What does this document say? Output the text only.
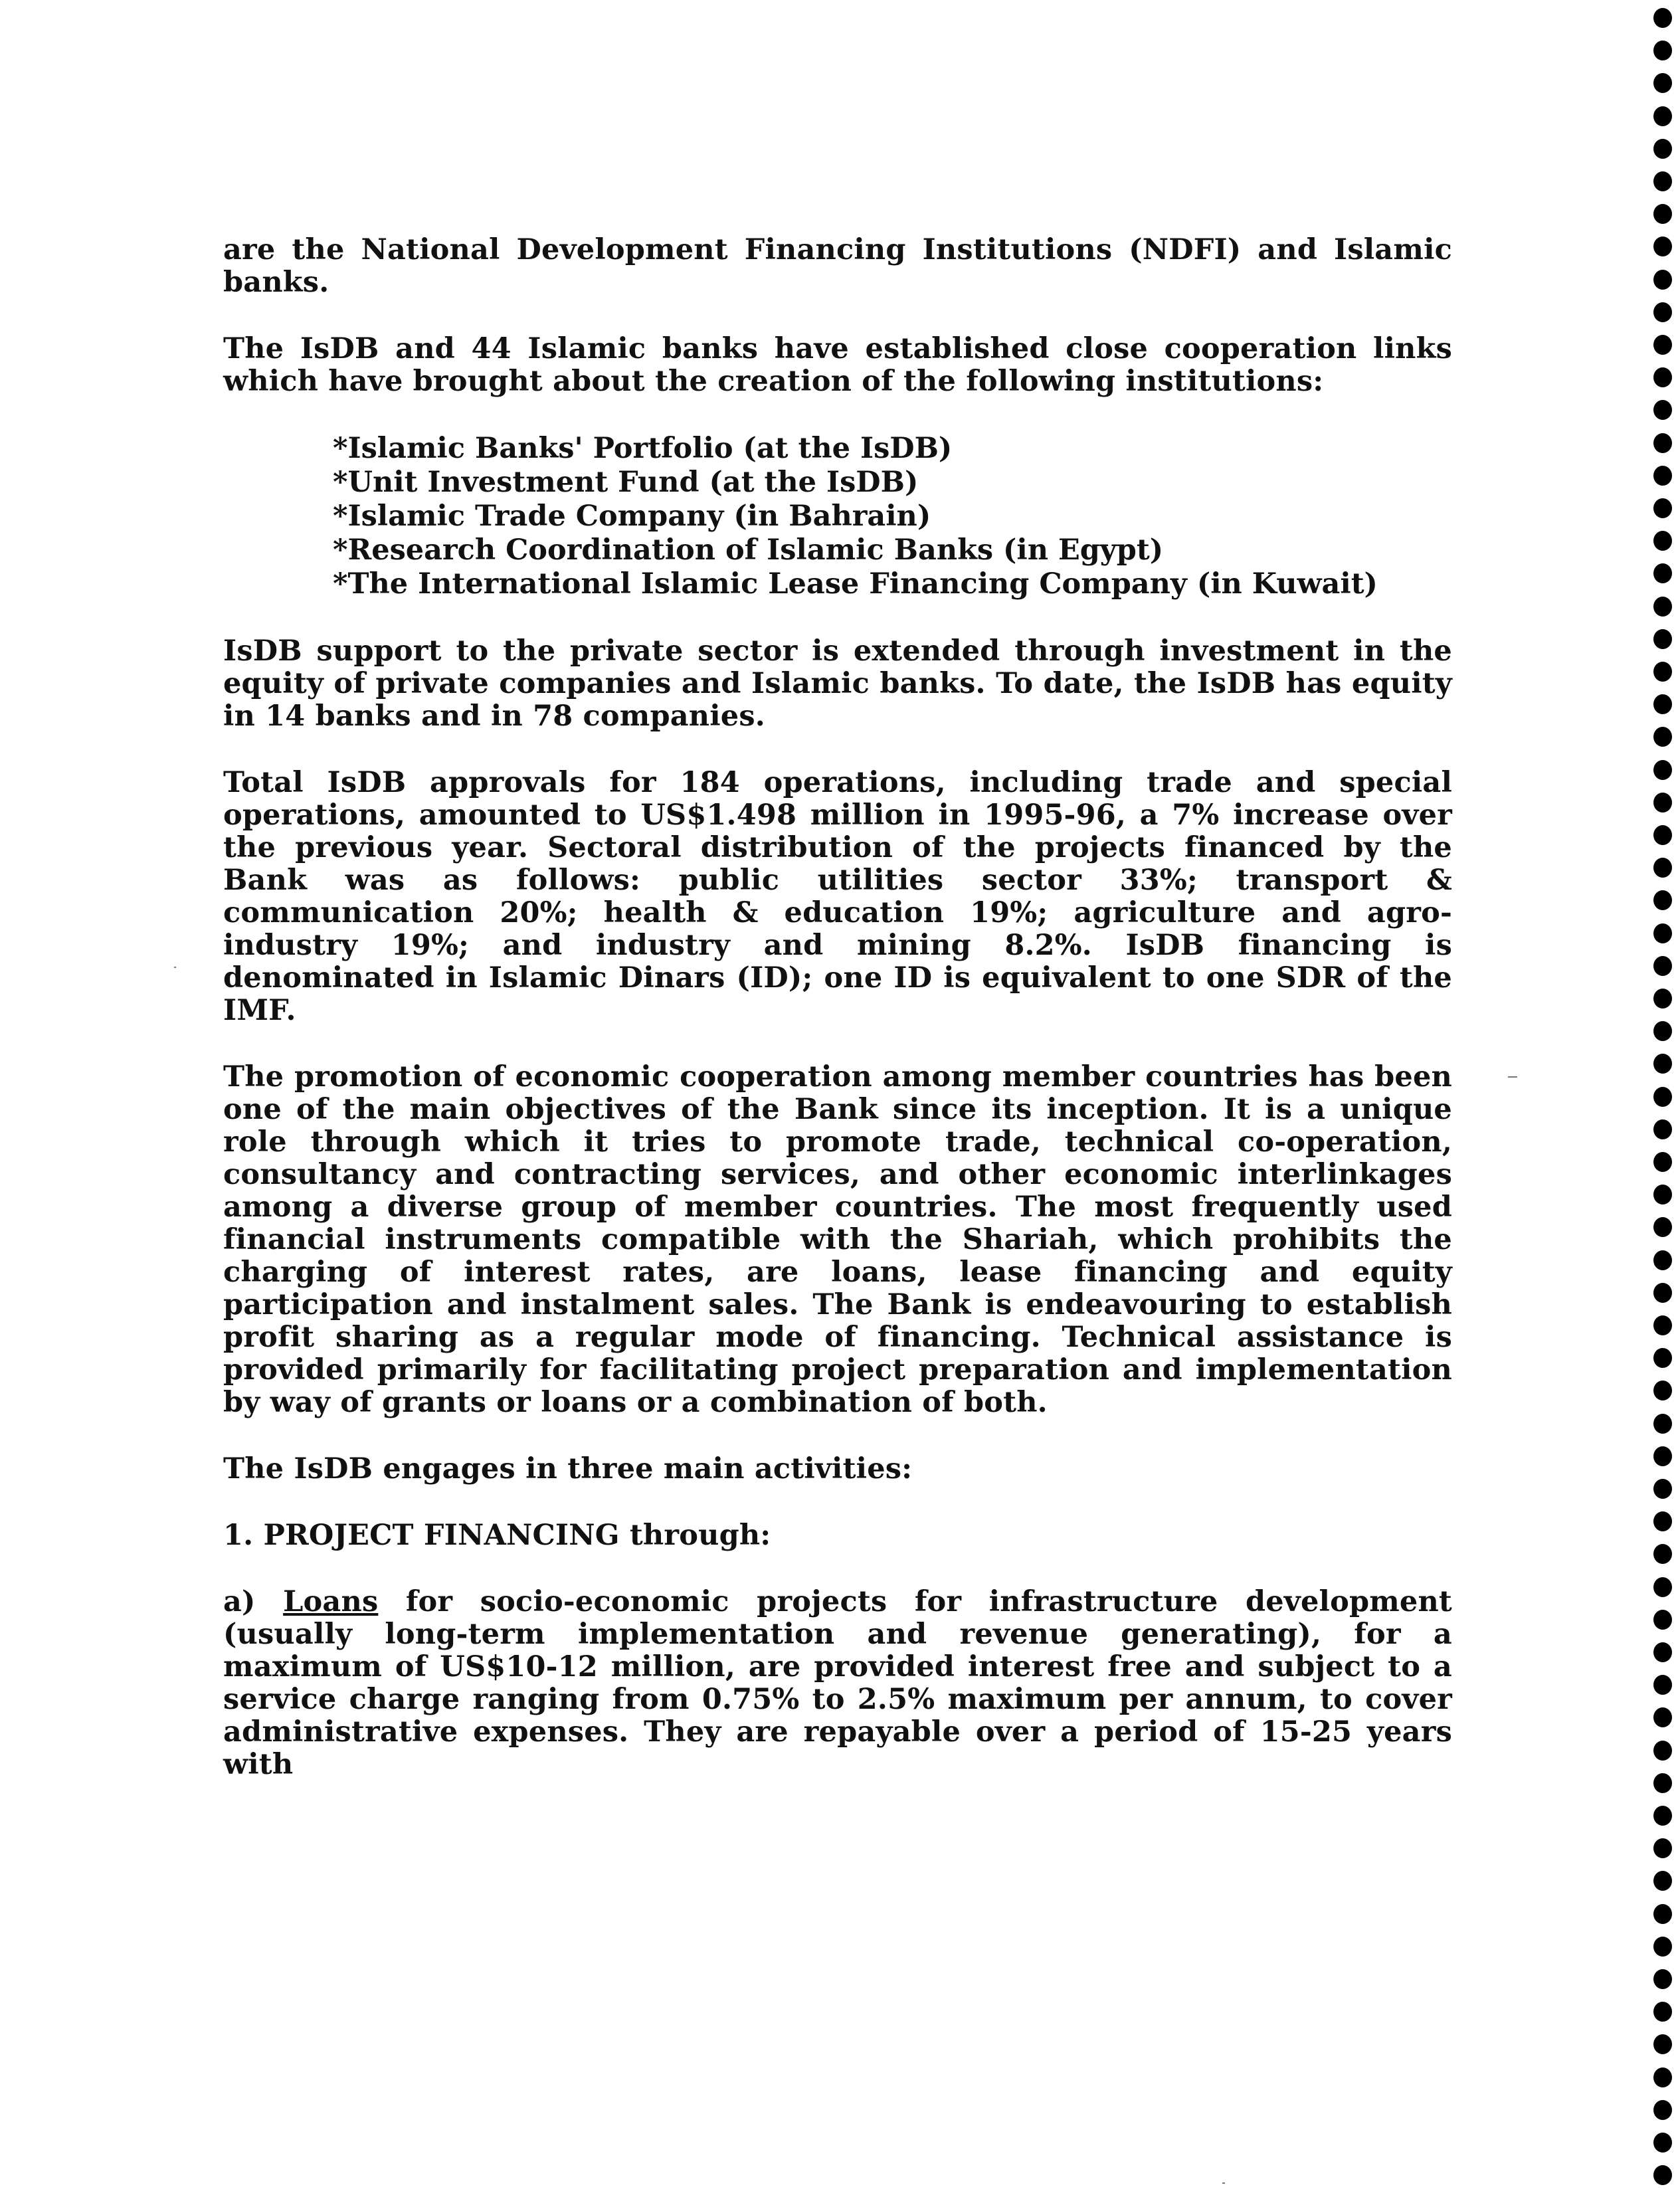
are the National Development Financing Institutions (NDFI) and Islamic banks.

The IsDB and 44 Islamic banks have established close cooperation links which have brought about the creation of the following institutions:

*Islamic Banks' Portfolio (at the IsDB)
*Unit Investment Fund (at the IsDB)
*Islamic Trade Company (in Bahrain)
*Research Coordination of Islamic Banks (in Egypt)
*The International Islamic Lease Financing Company (in Kuwait)

IsDB support to the private sector is extended through investment in the equity of private companies and Islamic banks. To date, the IsDB has equity in 14 banks and in 78 companies.

Total IsDB approvals for 184 operations, including trade and special operations, amounted to US$1.498 million in 1995-96, a 7% increase over the previous year. Sectoral distribution of the projects financed by the Bank was as follows: public utilities sector 33%; transport & communication 20%; health & education 19%; agriculture and agro-industry 19%; and industry and mining 8.2%. IsDB financing is denominated in Islamic Dinars (ID); one ID is equivalent to one SDR of the IMF.

The promotion of economic cooperation among member countries has been one of the main objectives of the Bank since its inception. It is a unique role through which it tries to promote trade, technical co-operation, consultancy and contracting services, and other economic interlinkages among a diverse group of member countries. The most frequently used financial instruments compatible with the Shariah, which prohibits the charging of interest rates, are loans, lease financing and equity participation and instalment sales. The Bank is endeavouring to establish profit sharing as a regular mode of financing. Technical assistance is provided primarily for facilitating project preparation and implementation by way of grants or loans or a combination of both.

The IsDB engages in three main activities:

1. PROJECT FINANCING through:

a) Loans for socio-economic projects for infrastructure development (usually long-term implementation and revenue generating), for a maximum of US$10-12 million, are provided interest free and subject to a service charge ranging from 0.75% to 2.5% maximum per annum, to cover administrative expenses. They are repayable over a period of 15-25 years with
